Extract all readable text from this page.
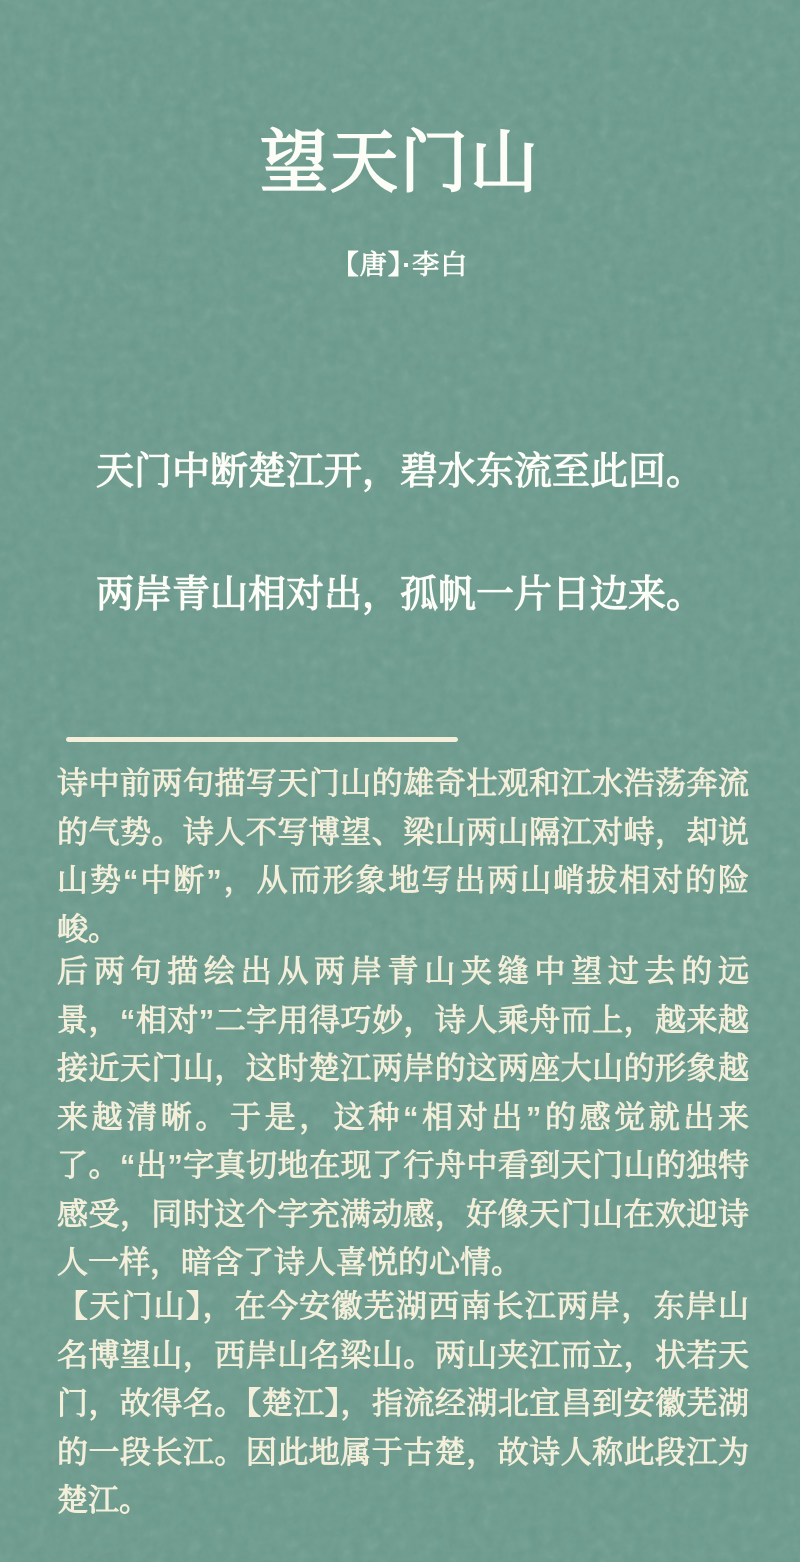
望天门山
【唐】·李白
天门中断楚江开，碧水东流至此回。
两岸青山相对出，孤帆一片日边来。

诗中前两句描写天门山的雄奇壮观和江水浩荡奔流的气势。诗人不写博望、梁山两山隔江对峙，却说山势“中断”，从而形象地写出两山峭拔相对的险峻。

后两句描绘出从两岸青山夹缝中望过去的远景，“相对”二字用得巧妙，诗人乘舟而上，越来越接近天门山，这时楚江两岸的这两座大山的形象越来越清晰。于是，这种“相对出”的感觉就出来了。“出”字真切地在现了行舟中看到天门山的独特感受，同时这个字充满动感，好像天门山在欢迎诗人一样，暗含了诗人喜悦的心情。

【天门山】，在今安徽芜湖西南长江两岸，东岸山名博望山，西岸山名梁山。两山夹江而立，状若天门，故得名。【楚江】，指流经湖北宜昌到安徽芜湖的一段长江。因此地属于古楚，故诗人称此段江为楚江。
